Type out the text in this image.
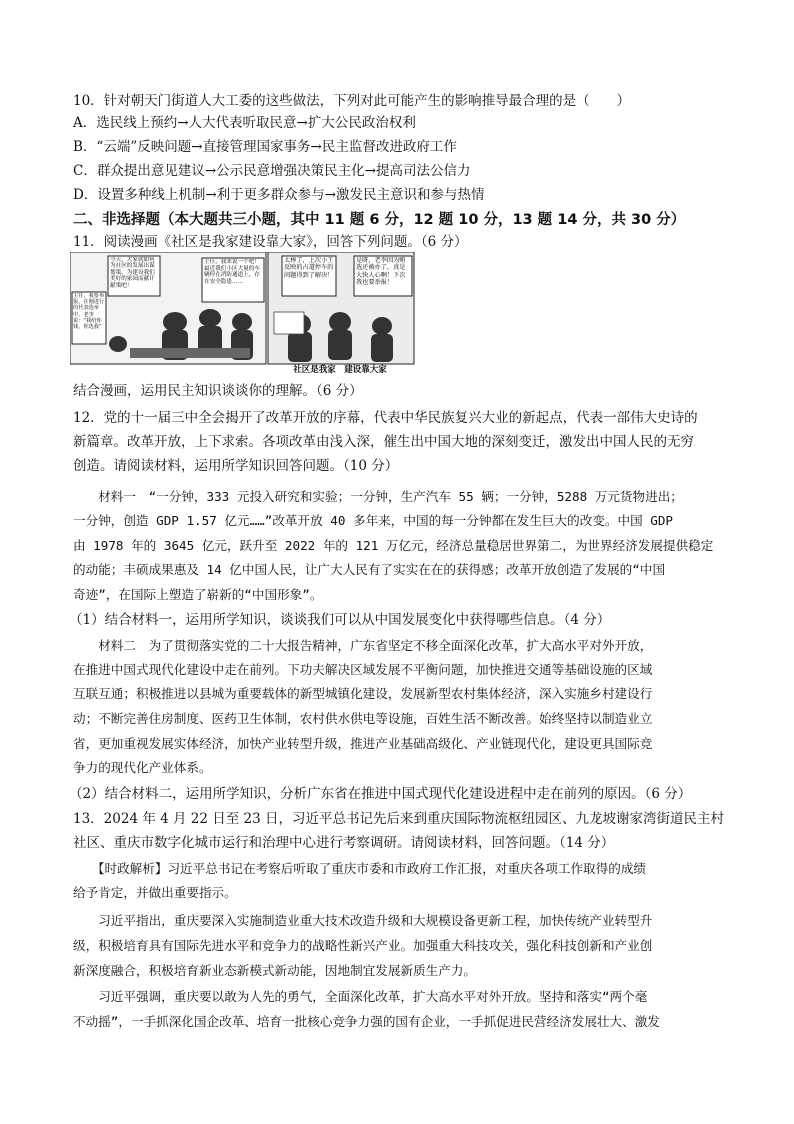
10．针对朝天门街道人大工委的这些做法，下列对此可能产生的影响推导最合理的是（　　）
A．选民线上预约→人大代表听取民意→扩大公民政治权利
B．“云端”反映问题→直接管理国家事务→民主监督改进政府工作
C．群众提出意见建议→公示民意增强决策民主化→提高司法公信力
D．设置多种线上机制→利于更多群众参与→激发民主意识和参与热情
二、非选择题（本大题共三小题，其中 11 题 6 分，12 题 10 分，13 题 14 分，共 30 分）
11．阅读漫画《社区是我家建设靠大家》，回答下列问题。（6 分）
今天，大家就如何为社区的发展出谋划策，为建设我们美好的家园而献计献策吧！
主任，我来说一个吧！最近我们小区大量的车辆停在消防通道上，存在安全隐患……
主任，我要举报，在刚进行的代表选举中，老李说：“我给你钱，你选我”
太棒了，上次小王反映的占道停车的问题得到了解决！
是呀，老李因为贿选还被办了，真是大快人心啊！下次我也要举报！
社区是我家　建设靠大家
结合漫画，运用民主知识谈谈你的理解。（6 分）
12．党的十一届三中全会揭开了改革开放的序幕，代表中华民族复兴大业的新起点，代表一部伟大史诗的
新篇章。改革开放，上下求索。各项改革由浅入深，催生出中国大地的深刻变迁，激发出中国人民的无穷
创造。请阅读材料，运用所学知识回答问题。（10 分）
　　材料一　“一分钟，333 元投入研究和实验；一分钟，生产汽车 55 辆；一分钟，5288 万元货物进出；
一分钟，创造 GDP 1.57 亿元……”改革开放 40 多年来，中国的每一分钟都在发生巨大的改变。中国 GDP
由 1978 年的 3645 亿元，跃升至 2022 年的 121 万亿元，经济总量稳居世界第二，为世界经济发展提供稳定
的动能；丰硕成果惠及 14 亿中国人民，让广大人民有了实实在在的获得感；改革开放创造了发展的“中国
奇迹”，在国际上塑造了崭新的“中国形象”。
（1）结合材料一，运用所学知识，谈谈我们可以从中国发展变化中获得哪些信息。（4 分）
　　材料二　为了贯彻落实党的二十大报告精神，广东省坚定不移全面深化改革，扩大高水平对外开放，
在推进中国式现代化建设中走在前列。下功夫解决区域发展不平衡问题，加快推进交通等基础设施的区域
互联互通；积极推进以县城为重要载体的新型城镇化建设，发展新型农村集体经济，深入实施乡村建设行
动；不断完善住房制度、医药卫生体制，农村供水供电等设施，百姓生活不断改善。始终坚持以制造业立
省，更加重视发展实体经济，加快产业转型升级，推进产业基础高级化、产业链现代化，建设更具国际竞
争力的现代化产业体系。
（2）结合材料二，运用所学知识，分析广东省在推进中国式现代化建设进程中走在前列的原因。（6 分）
13．2024 年 4 月 22 日至 23 日，习近平总书记先后来到重庆国际物流枢纽园区、九龙坡谢家湾街道民主村
社区、重庆市数字化城市运行和治理中心进行考察调研。请阅读材料，回答问题。（14 分）
　　【时政解析】习近平总书记在考察后听取了重庆市委和市政府工作汇报，对重庆各项工作取得的成绩
给予肯定，并做出重要指示。
　　习近平指出，重庆要深入实施制造业重大技术改造升级和大规模设备更新工程，加快传统产业转型升
级，积极培育具有国际先进水平和竞争力的战略性新兴产业。加强重大科技攻关，强化科技创新和产业创
新深度融合，积极培育新业态新模式新动能，因地制宜发展新质生产力。
　　习近平强调，重庆要以敢为人先的勇气，全面深化改革，扩大高水平对外开放。坚持和落实“两个毫
不动摇”，一手抓深化国企改革、培育一批核心竞争力强的国有企业，一手抓促进民营经济发展壮大、激发
